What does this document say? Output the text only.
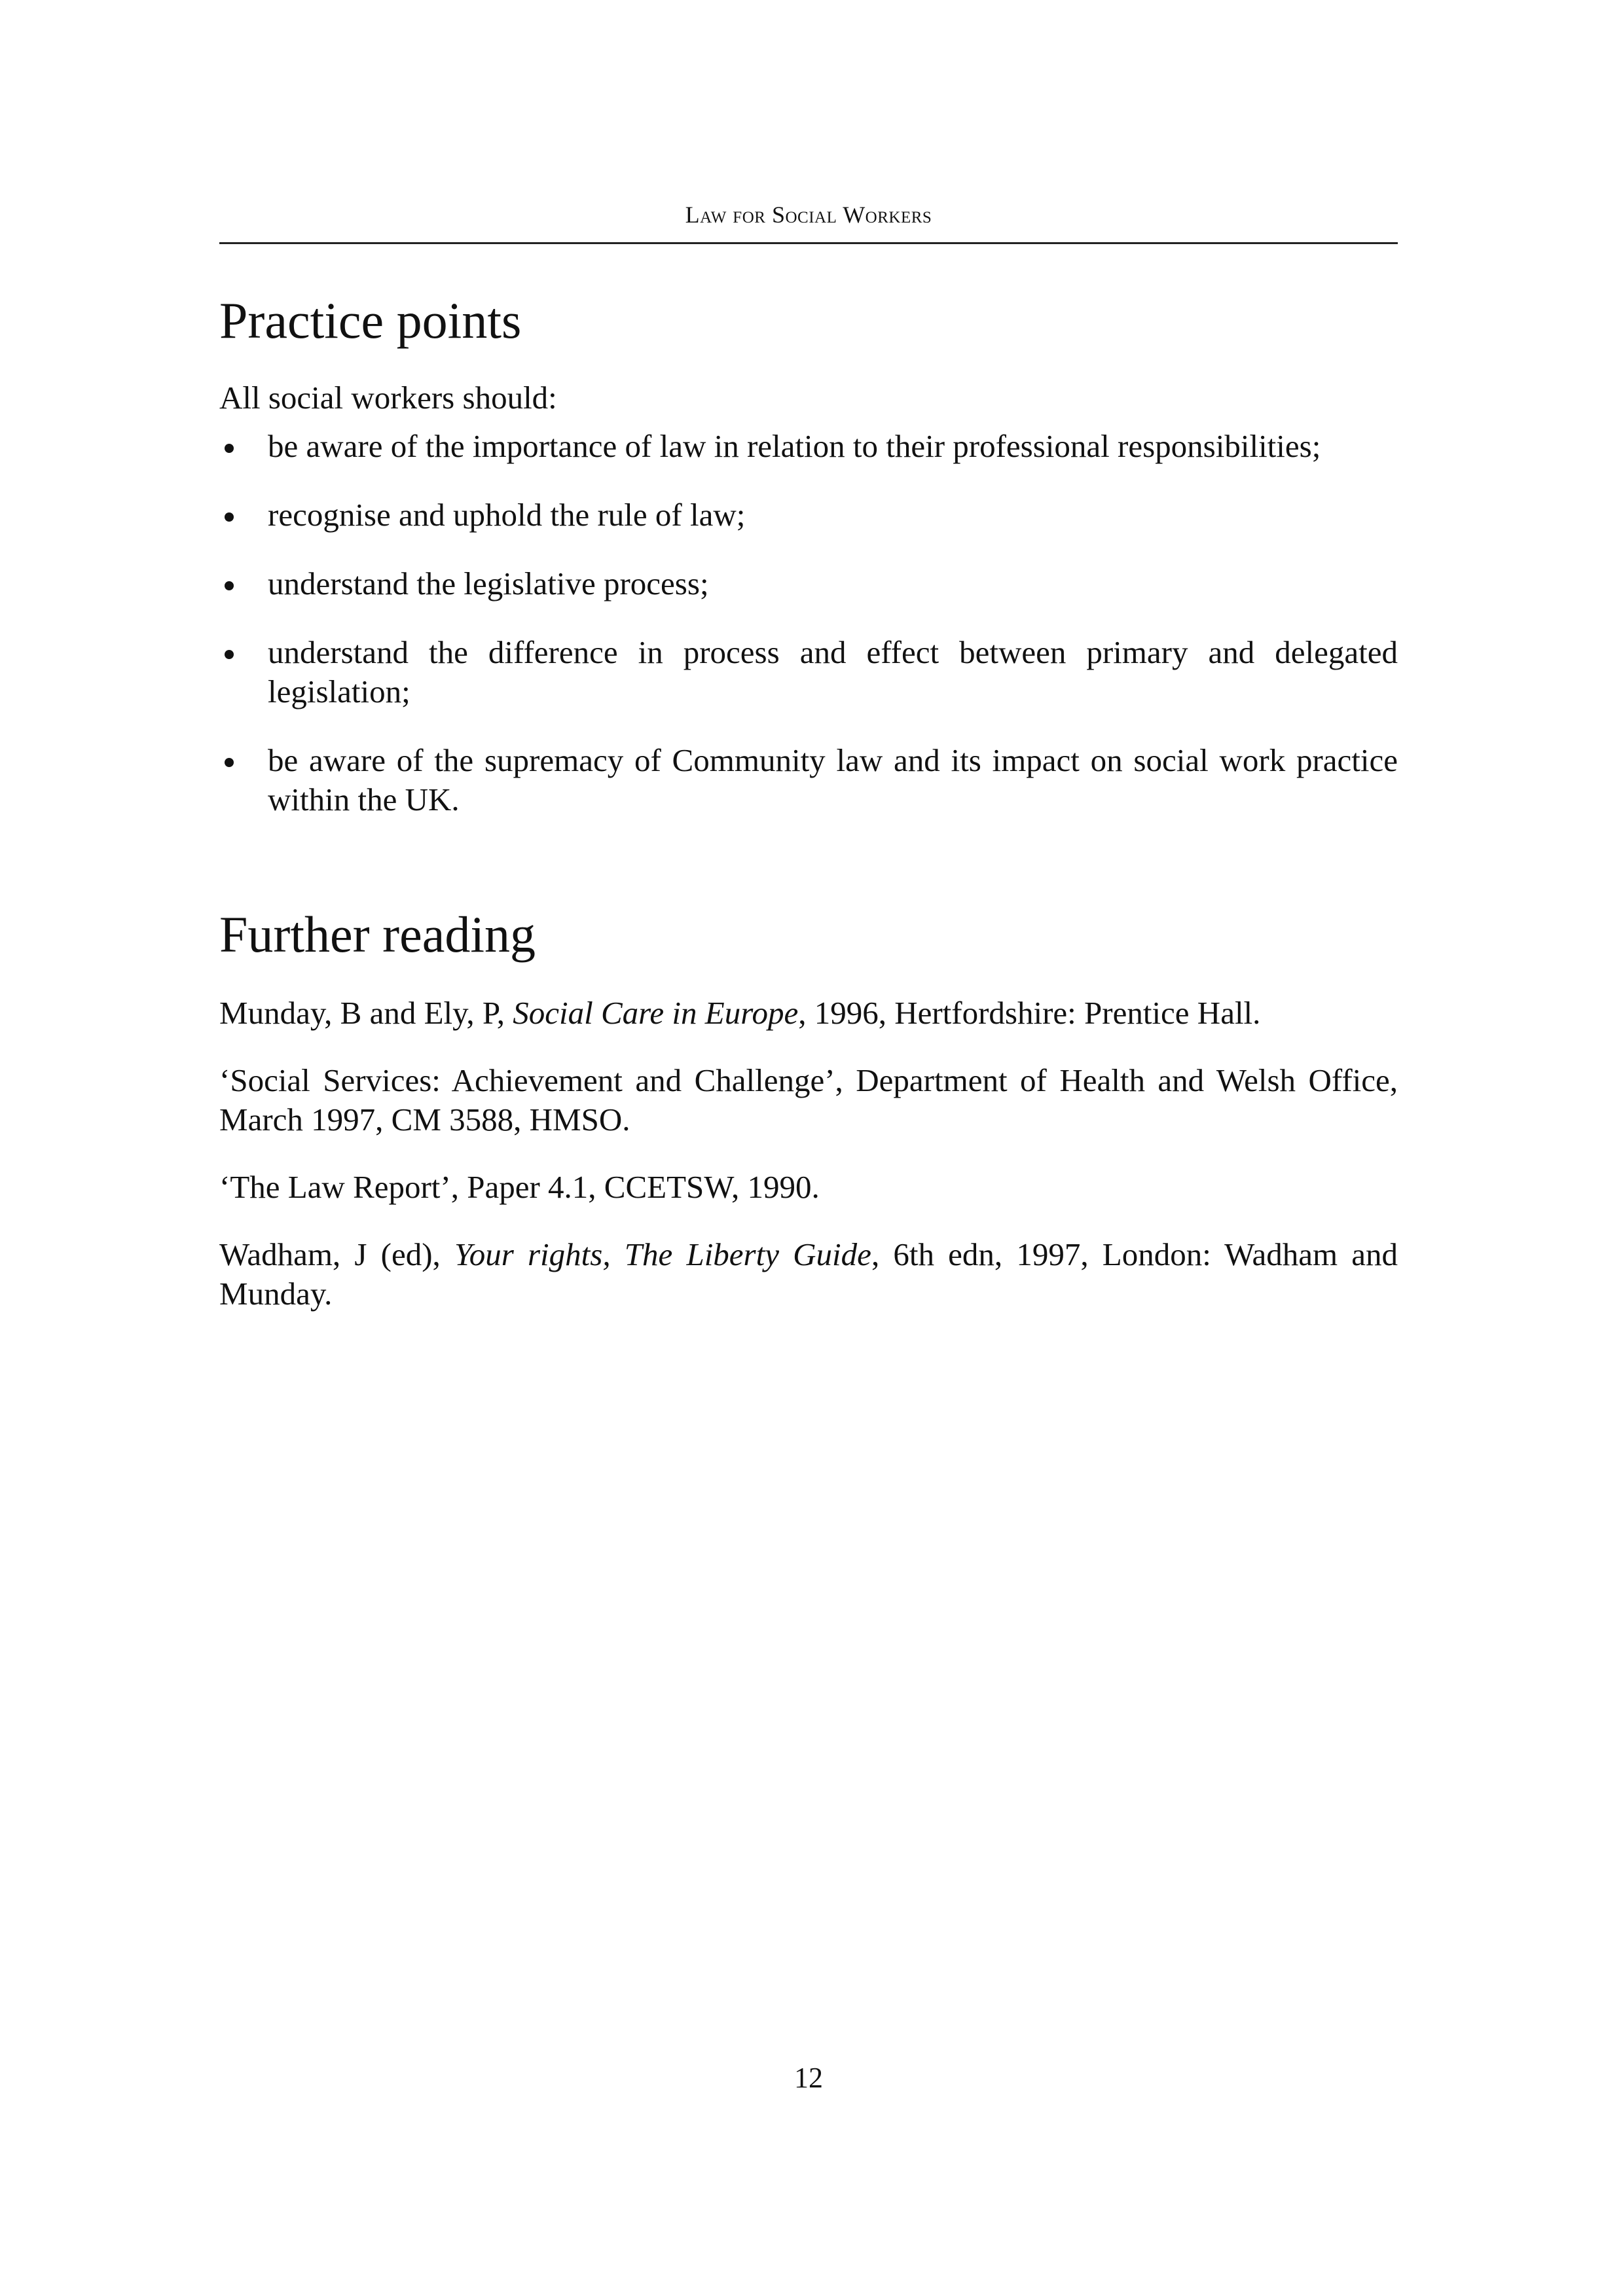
Law for Social Workers
Practice points
All social workers should:
be aware of the importance of law in relation to their professional responsibilities;
recognise and uphold the rule of law;
understand the legislative process;
understand the difference in process and effect between primary and delegated legislation;
be aware of the supremacy of Community law and its impact on social work practice within the UK.
Further reading

Munday, B and Ely, P, Social Care in Europe, 1996, Hertfordshire: Prentice Hall.

‘Social Services: Achievement and Challenge’, Department of Health and Welsh Office, March 1997, CM 3588, HMSO.

‘The Law Report’, Paper 4.1, CCETSW, 1990.

Wadham, J (ed), Your rights, The Liberty Guide, 6th edn, 1997, London: Wadham and Munday.

12
